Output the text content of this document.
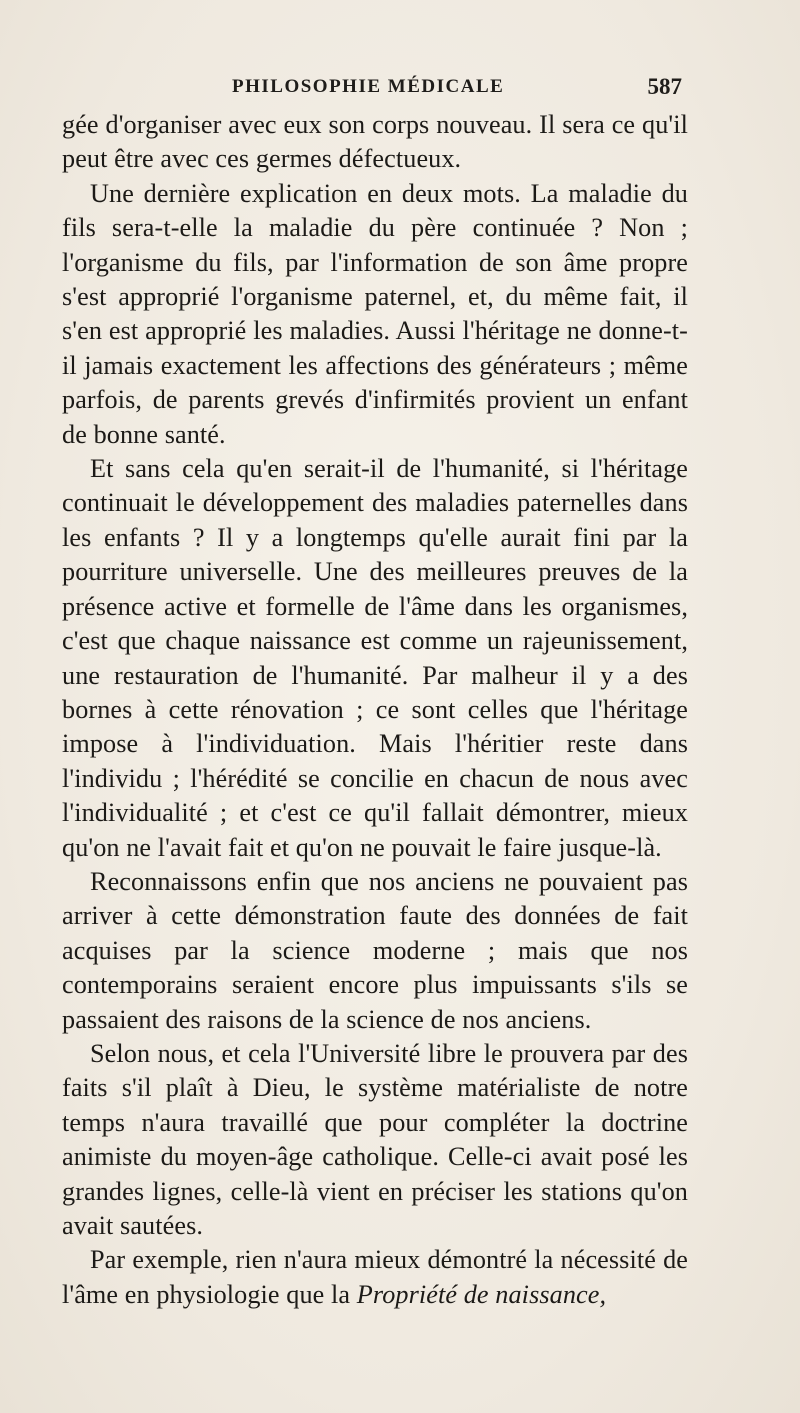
PHILOSOPHIE MÉDICALE	587

gée d'organiser avec eux son corps nouveau. Il sera ce qu'il peut être avec ces germes défectueux.

Une dernière explication en deux mots. La maladie du fils sera-t-elle la maladie du père continuée ? Non ; l'organisme du fils, par l'information de son âme propre s'est approprié l'organisme paternel, et, du même fait, il s'en est approprié les maladies. Aussi l'héritage ne donne-t-il jamais exactement les affections des générateurs ; même parfois, de parents grevés d'infirmités provient un enfant de bonne santé.

Et sans cela qu'en serait-il de l'humanité, si l'héritage continuait le développement des maladies paternelles dans les enfants ? Il y a longtemps qu'elle aurait fini par la pourriture universelle. Une des meilleures preuves de la présence active et formelle de l'âme dans les organismes, c'est que chaque naissance est comme un rajeunissement, une restauration de l'humanité. Par malheur il y a des bornes à cette rénovation ; ce sont celles que l'héritage impose à l'individuation. Mais l'héritier reste dans l'individu ; l'hérédité se concilie en chacun de nous avec l'individualité ; et c'est ce qu'il fallait démontrer, mieux qu'on ne l'avait fait et qu'on ne pouvait le faire jusque-là.

Reconnaissons enfin que nos anciens ne pouvaient pas arriver à cette démonstration faute des données de fait acquises par la science moderne ; mais que nos contemporains seraient encore plus impuissants s'ils se passaient des raisons de la science de nos anciens.

Selon nous, et cela l'Université libre le prouvera par des faits s'il plaît à Dieu, le système matérialiste de notre temps n'aura travaillé que pour compléter la doctrine animiste du moyen-âge catholique. Celle-ci avait posé les grandes lignes, celle-là vient en préciser les stations qu'on avait sautées.

Par exemple, rien n'aura mieux démontré la nécessité de l'âme en physiologie que la Propriété de naissance,
